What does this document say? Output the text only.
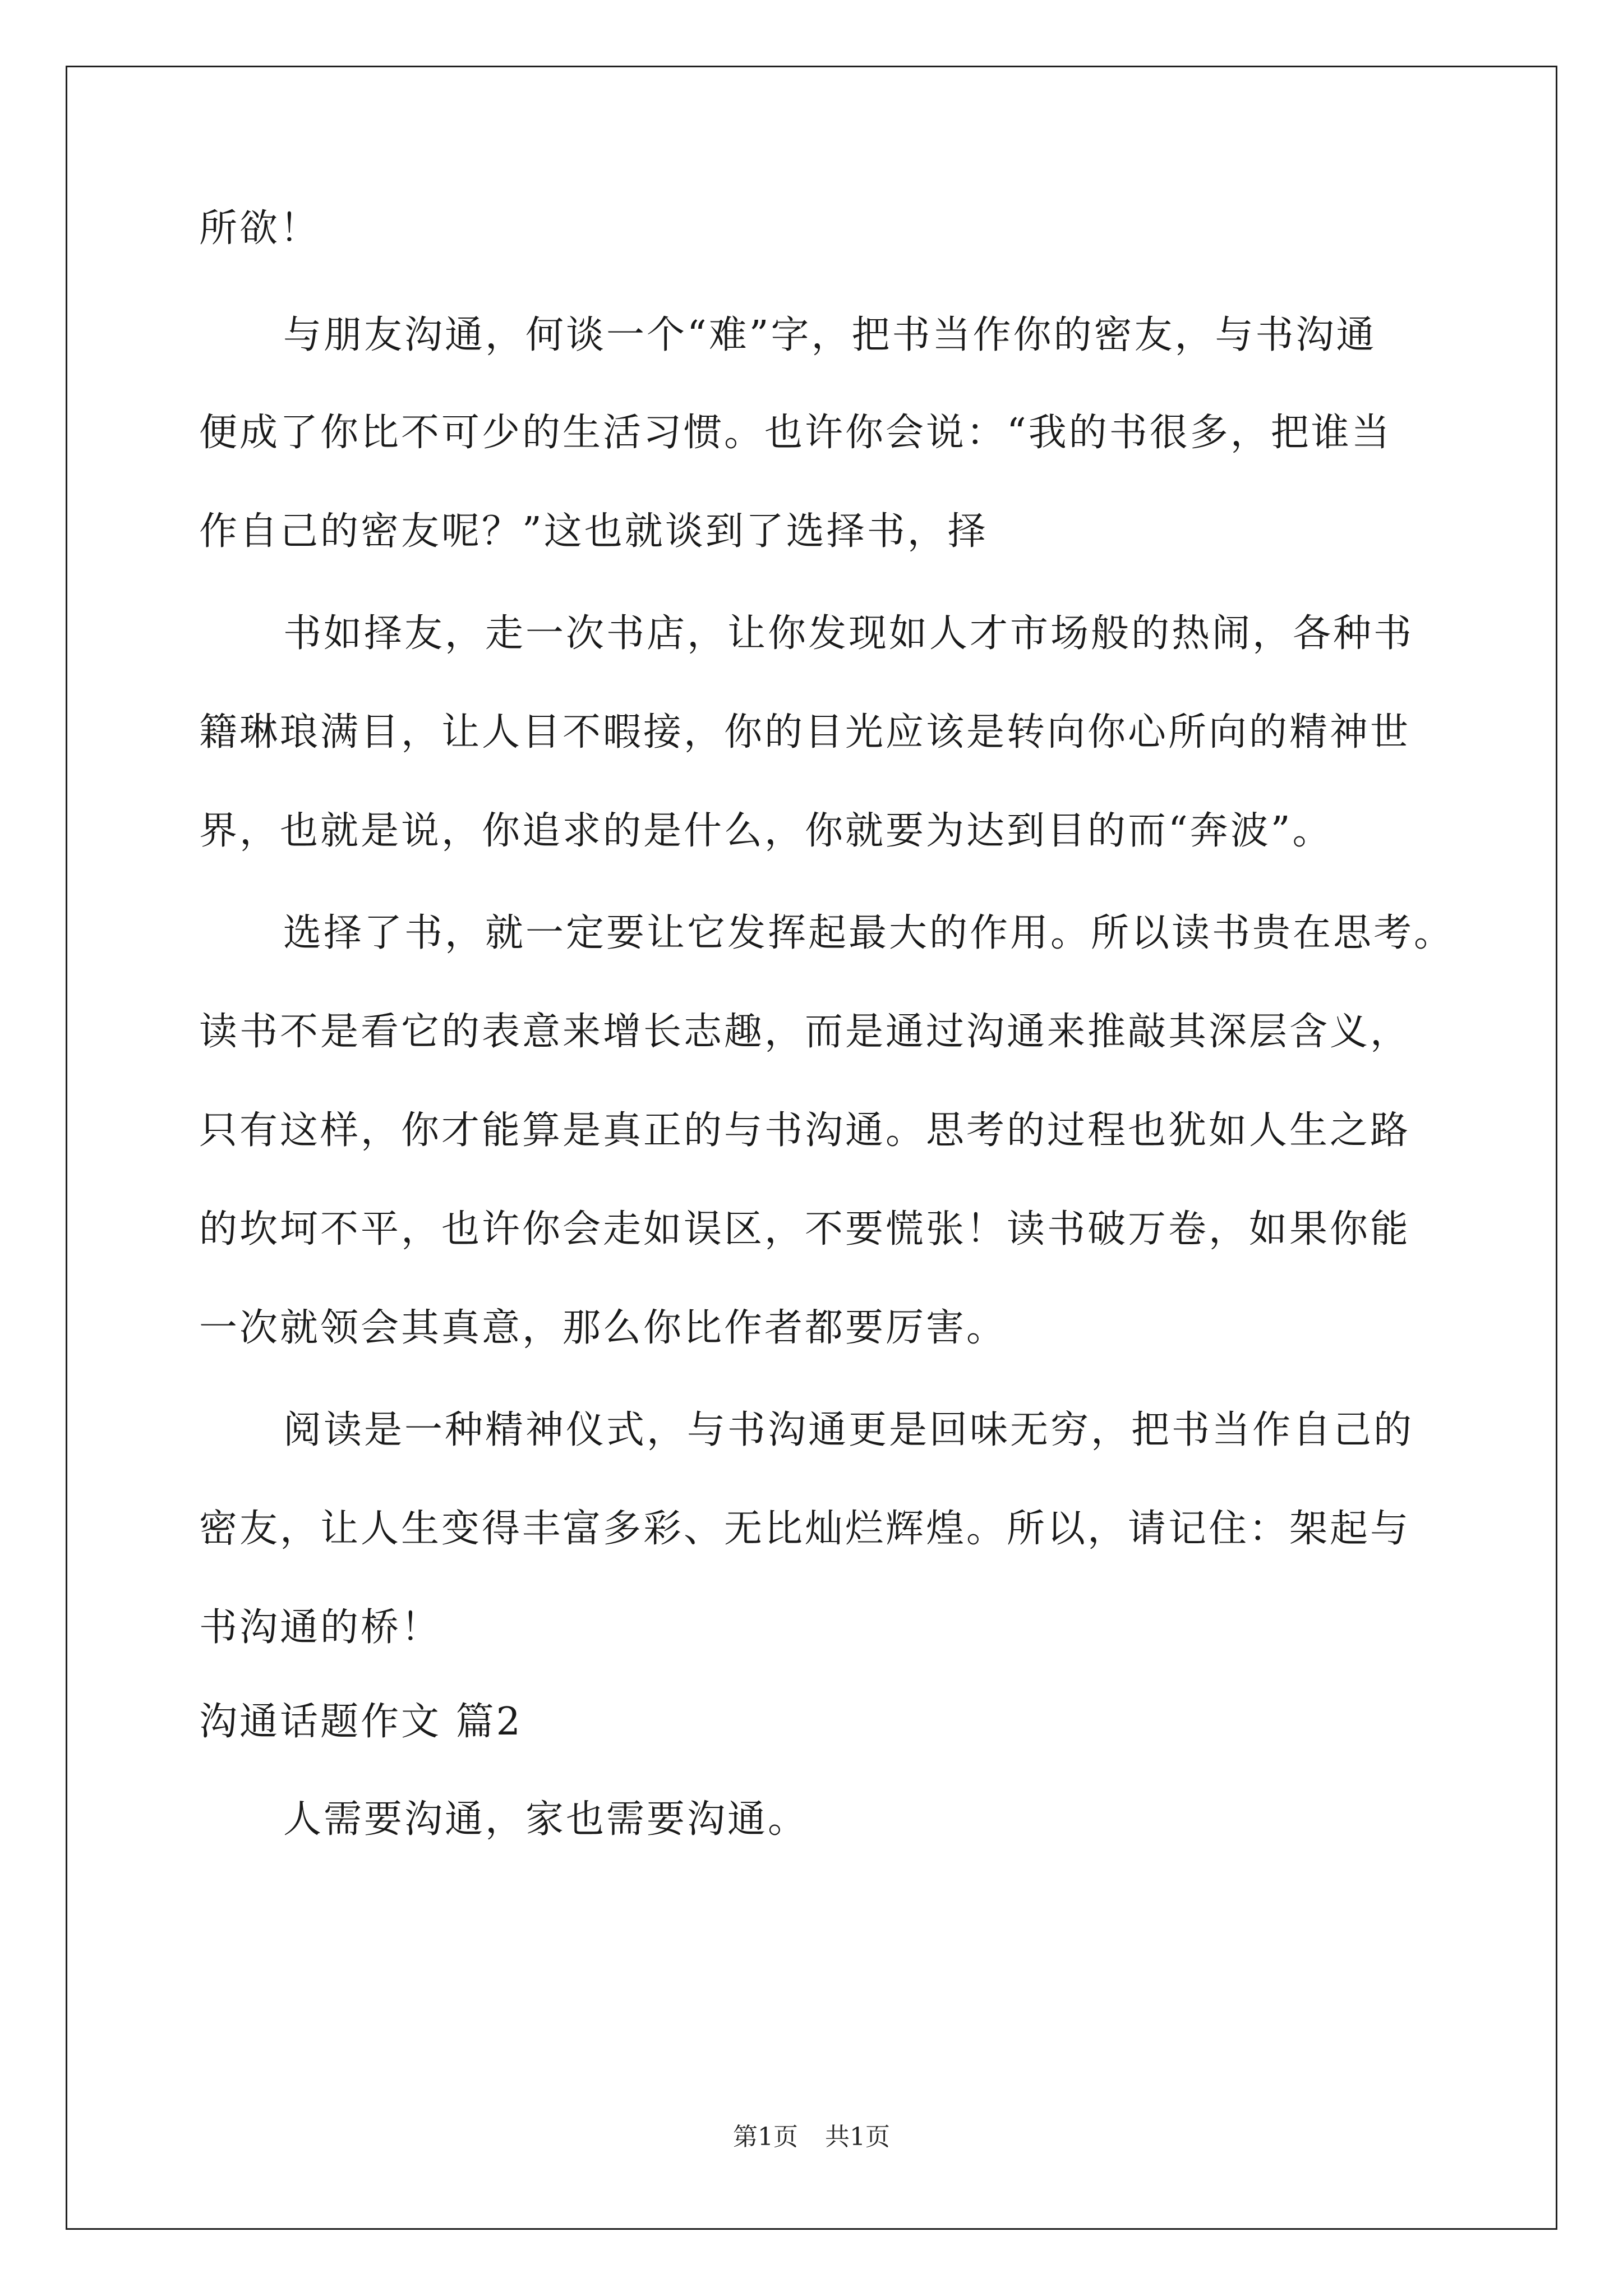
所欲！
与朋友沟通，何谈一个“难”字，把书当作你的密友，与书沟通
便成了你比不可少的生活习惯。也许你会说：“我的书很多，把谁当
作自己的密友呢？”这也就谈到了选择书，择
书如择友，走一次书店，让你发现如人才市场般的热闹，各种书
籍琳琅满目，让人目不暇接，你的目光应该是转向你心所向的精神世
界，也就是说，你追求的是什么，你就要为达到目的而“奔波”。
选择了书，就一定要让它发挥起最大的作用。所以读书贵在思考。
读书不是看它的表意来增长志趣，而是通过沟通来推敲其深层含义，
只有这样，你才能算是真正的与书沟通。思考的过程也犹如人生之路
的坎坷不平，也许你会走如误区，不要慌张！读书破万卷，如果你能
一次就领会其真意，那么你比作者都要厉害。
阅读是一种精神仪式，与书沟通更是回味无穷，把书当作自己的
密友，让人生变得丰富多彩、无比灿烂辉煌。所以，请记住：架起与
书沟通的桥！
沟通话题作文 篇2
人需要沟通，家也需要沟通。
第1页 共1页
